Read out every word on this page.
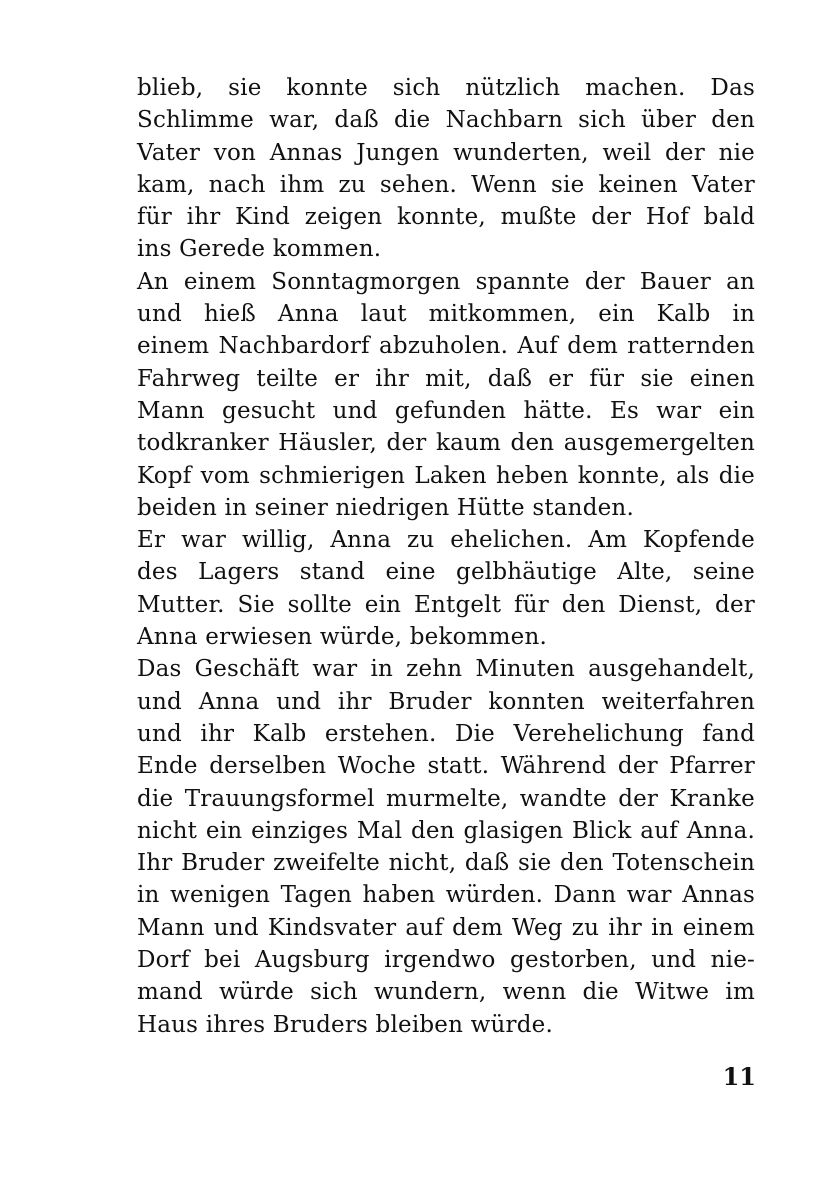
blieb, sie konnte sich nützlich machen. Das
Schlimme war, daß die Nachbarn sich über den
Vater von Annas Jungen wunderten, weil der nie
kam, nach ihm zu sehen. Wenn sie keinen Vater
für ihr Kind zeigen konnte, mußte der Hof bald
ins Gerede kommen.
An einem Sonntagmorgen spannte der Bauer an
und hieß Anna laut mitkommen, ein Kalb in
einem Nachbardorf abzuholen. Auf dem ratternden
Fahrweg teilte er ihr mit, daß er für sie einen
Mann gesucht und gefunden hätte. Es war ein
todkranker Häusler, der kaum den ausgemergelten
Kopf vom schmierigen Laken heben konnte, als die
beiden in seiner niedrigen Hütte standen.
Er war willig, Anna zu ehelichen. Am Kopfende
des Lagers stand eine gelbhäutige Alte, seine
Mutter. Sie sollte ein Entgelt für den Dienst, der
Anna erwiesen würde, bekommen.
Das Geschäft war in zehn Minuten ausgehandelt,
und Anna und ihr Bruder konnten weiterfahren
und ihr Kalb erstehen. Die Verehelichung fand
Ende derselben Woche statt. Während der Pfarrer
die Trauungsformel murmelte, wandte der Kranke
nicht ein einziges Mal den glasigen Blick auf Anna.
Ihr Bruder zweifelte nicht, daß sie den Totenschein
in wenigen Tagen haben würden. Dann war Annas
Mann und Kindsvater auf dem Weg zu ihr in einem
Dorf bei Augsburg irgendwo gestorben, und nie-
mand würde sich wundern, wenn die Witwe im
Haus ihres Bruders bleiben würde.
11
